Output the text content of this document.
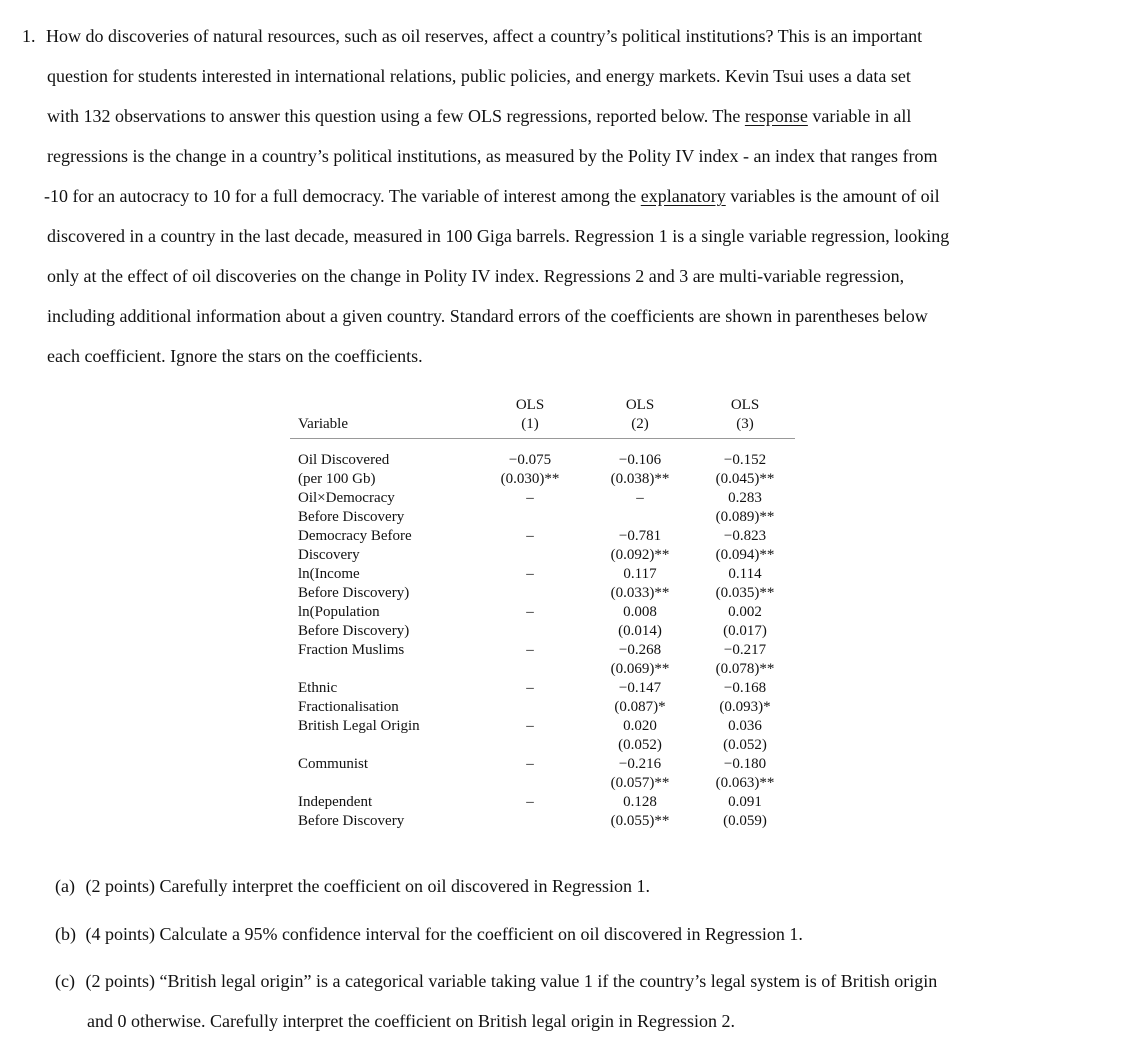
1. How do discoveries of natural resources, such as oil reserves, affect a country’s political institutions? This is an important
question for students interested in international relations, public policies, and energy markets. Kevin Tsui uses a data set
with 132 observations to answer this question using a few OLS regressions, reported below. The response variable in all
regressions is the change in a country’s political institutions, as measured by the Polity IV index - an index that ranges from
-10 for an autocracy to 10 for a full democracy. The variable of interest among the explanatory variables is the amount of oil
discovered in a country in the last decade, measured in 100 Giga barrels. Regression 1 is a single variable regression, looking
only at the effect of oil discoveries on the change in Polity IV index. Regressions 2 and 3 are multi-variable regression,
including additional information about a given country. Standard errors of the coefficients are shown in parentheses below
each coefficient. Ignore the stars on the coefficients.
	OLS	OLS	OLS
Variable	(1)	(2)	(3)
Oil Discovered	−0.075	−0.106	−0.152
(per 100 Gb)	(0.030)**	(0.038)**	(0.045)**
Oil×Democracy	–	–	0.283
Before Discovery			(0.089)**
Democracy Before	–	−0.781	−0.823
Discovery		(0.092)**	(0.094)**
ln(Income	–	0.117	0.114
Before Discovery)		(0.033)**	(0.035)**
ln(Population	–	0.008	0.002
Before Discovery)		(0.014)	(0.017)
Fraction Muslims	–	−0.268	−0.217
		(0.069)**	(0.078)**
Ethnic	–	−0.147	−0.168
Fractionalisation		(0.087)*	(0.093)*
British Legal Origin	–	0.020	0.036
		(0.052)	(0.052)
Communist	–	−0.216	−0.180
		(0.057)**	(0.063)**
Independent	–	0.128	0.091
Before Discovery		(0.055)**	(0.059)
(a) (2 points) Carefully interpret the coefficient on oil discovered in Regression 1.
(b) (4 points) Calculate a 95% confidence interval for the coefficient on oil discovered in Regression 1.
(c) (2 points) “British legal origin” is a categorical variable taking value 1 if the country’s legal system is of British origin
and 0 otherwise. Carefully interpret the coefficient on British legal origin in Regression 2.
